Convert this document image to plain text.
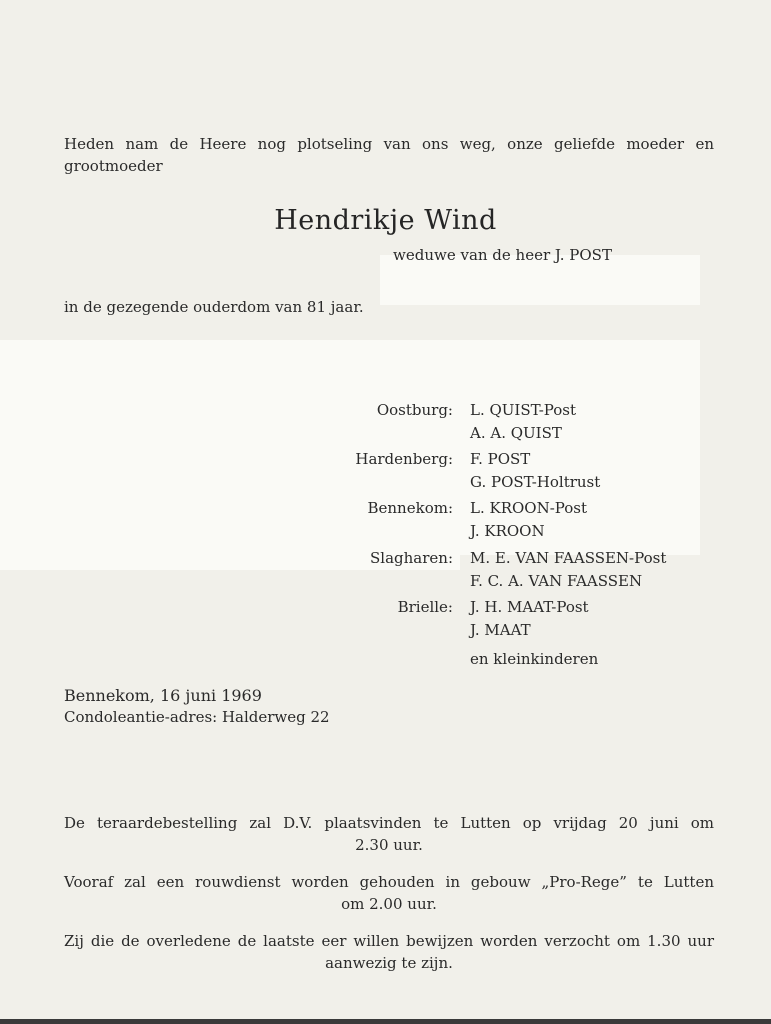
Heden nam de Heere nog plotseling van ons weg, onze geliefde moeder en
grootmoeder
Hendrikje Wind
weduwe van de heer J. POST
in de gezegende ouderdom van 81 jaar.
Oostburg: L. QUIST-Post
A. A. QUIST
Hardenberg: F. POST
G. POST-Holtrust
Bennekom: L. KROON-Post
J. KROON
Slagharen: M. E. VAN FAASSEN-Post
F. C. A. VAN FAASSEN
Brielle: J. H. MAAT-Post
J. MAAT
en kleinkinderen
Bennekom, 16 juni 1969
Condoleantie-adres: Halderweg 22
De teraardebestelling zal D.V. plaatsvinden te Lutten op vrijdag 20 juni om
2.30 uur.
Vooraf zal een rouwdienst worden gehouden in gebouw „Pro-Rege” te Lutten
om 2.00 uur.
Zij die de overledene de laatste eer willen bewijzen worden verzocht om 1.30 uur
aanwezig te zijn.
